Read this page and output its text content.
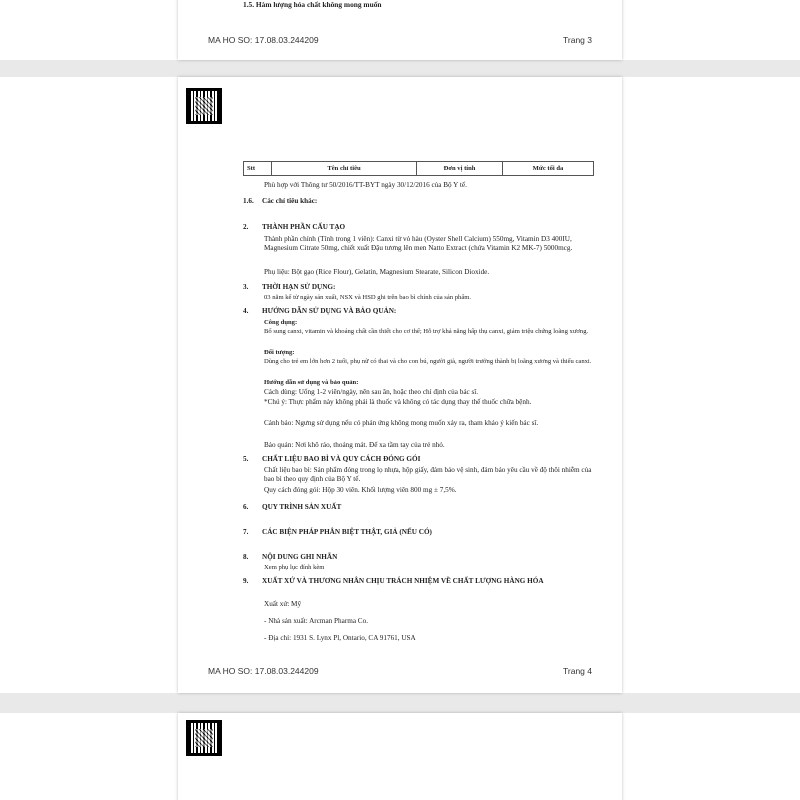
1.5. Hàm lượng hóa chất không mong muốn
MA HO SO: 17.08.03.244209	Trang 3
Stt	Tên chỉ tiêu	Đơn vị tính	Mức tối đa
Phù hợp với Thông tư 50/2016/TT-BYT ngày 30/12/2016 của Bộ Y tế.
1.6. Các chỉ tiêu khác:
2. THÀNH PHẦN CẤU TẠO
Thành phần chính (Tính trong 1 viên): Canxi từ vỏ hàu (Oyster Shell Calcium) 550mg, Vitamin D3 400IU, Magnesium Citrate 50mg, chiết xuất Đậu tương lên men Natto Extract (chứa Vitamin K2 MK-7) 5000mcg.
Phụ liệu: Bột gạo (Rice Flour), Gelatin, Magnesium Stearate, Silicon Dioxide.
3. THỜI HẠN SỬ DỤNG:
03 năm kể từ ngày sản xuất, NSX và HSD ghi trên bao bì chính của sản phẩm.
4. HƯỚNG DẪN SỬ DỤNG VÀ BẢO QUẢN:
Công dụng:
Bổ sung canxi, vitamin và khoáng chất cần thiết cho cơ thể; Hỗ trợ khả năng hấp thụ canxi, giảm triệu chứng loãng xương.
Đối tượng:
Dùng cho trẻ em lớn hơn 2 tuổi, phụ nữ có thai và cho con bú, người già, người trưởng thành bị loãng xương và thiếu canxi.
Hướng dẫn sử dụng và bảo quản:
Cách dùng: Uống 1-2 viên/ngày, nên sau ăn, hoặc theo chỉ định của bác sĩ.
*Chú ý: Thực phẩm này không phải là thuốc và không có tác dụng thay thế thuốc chữa bệnh.
Cảnh báo: Ngưng sử dụng nếu có phản ứng không mong muốn xảy ra, tham khảo ý kiến bác sĩ.
Bảo quản: Nơi khô ráo, thoáng mát. Để xa tầm tay của trẻ nhỏ.
5. CHẤT LIỆU BAO BÌ VÀ QUY CÁCH ĐÓNG GÓI
Chất liệu bao bì: Sản phẩm đóng trong lọ nhựa, hộp giấy, đảm bảo vệ sinh, đảm bảo yêu cầu về độ thôi nhiễm của bao bì theo quy định của Bộ Y tế.
Quy cách đóng gói: Hộp 30 viên. Khối lượng viên 800 mg ± 7,5%.
6. QUY TRÌNH SẢN XUẤT
7. CÁC BIỆN PHÁP PHÂN BIỆT THẬT, GIẢ (NẾU CÓ)
8. NỘI DUNG GHI NHÃN
Xem phụ lục đính kèm
9. XUẤT XỨ VÀ THƯƠNG NHÂN CHỊU TRÁCH NHIỆM VỀ CHẤT LƯỢNG HÀNG HÓA
Xuất xứ: Mỹ
- Nhà sản xuất: Arcman Pharma Co.
- Địa chỉ: 1931 S. Lynx Pl, Ontario, CA 91761, USA
MA HO SO: 17.08.03.244209	Trang 4
